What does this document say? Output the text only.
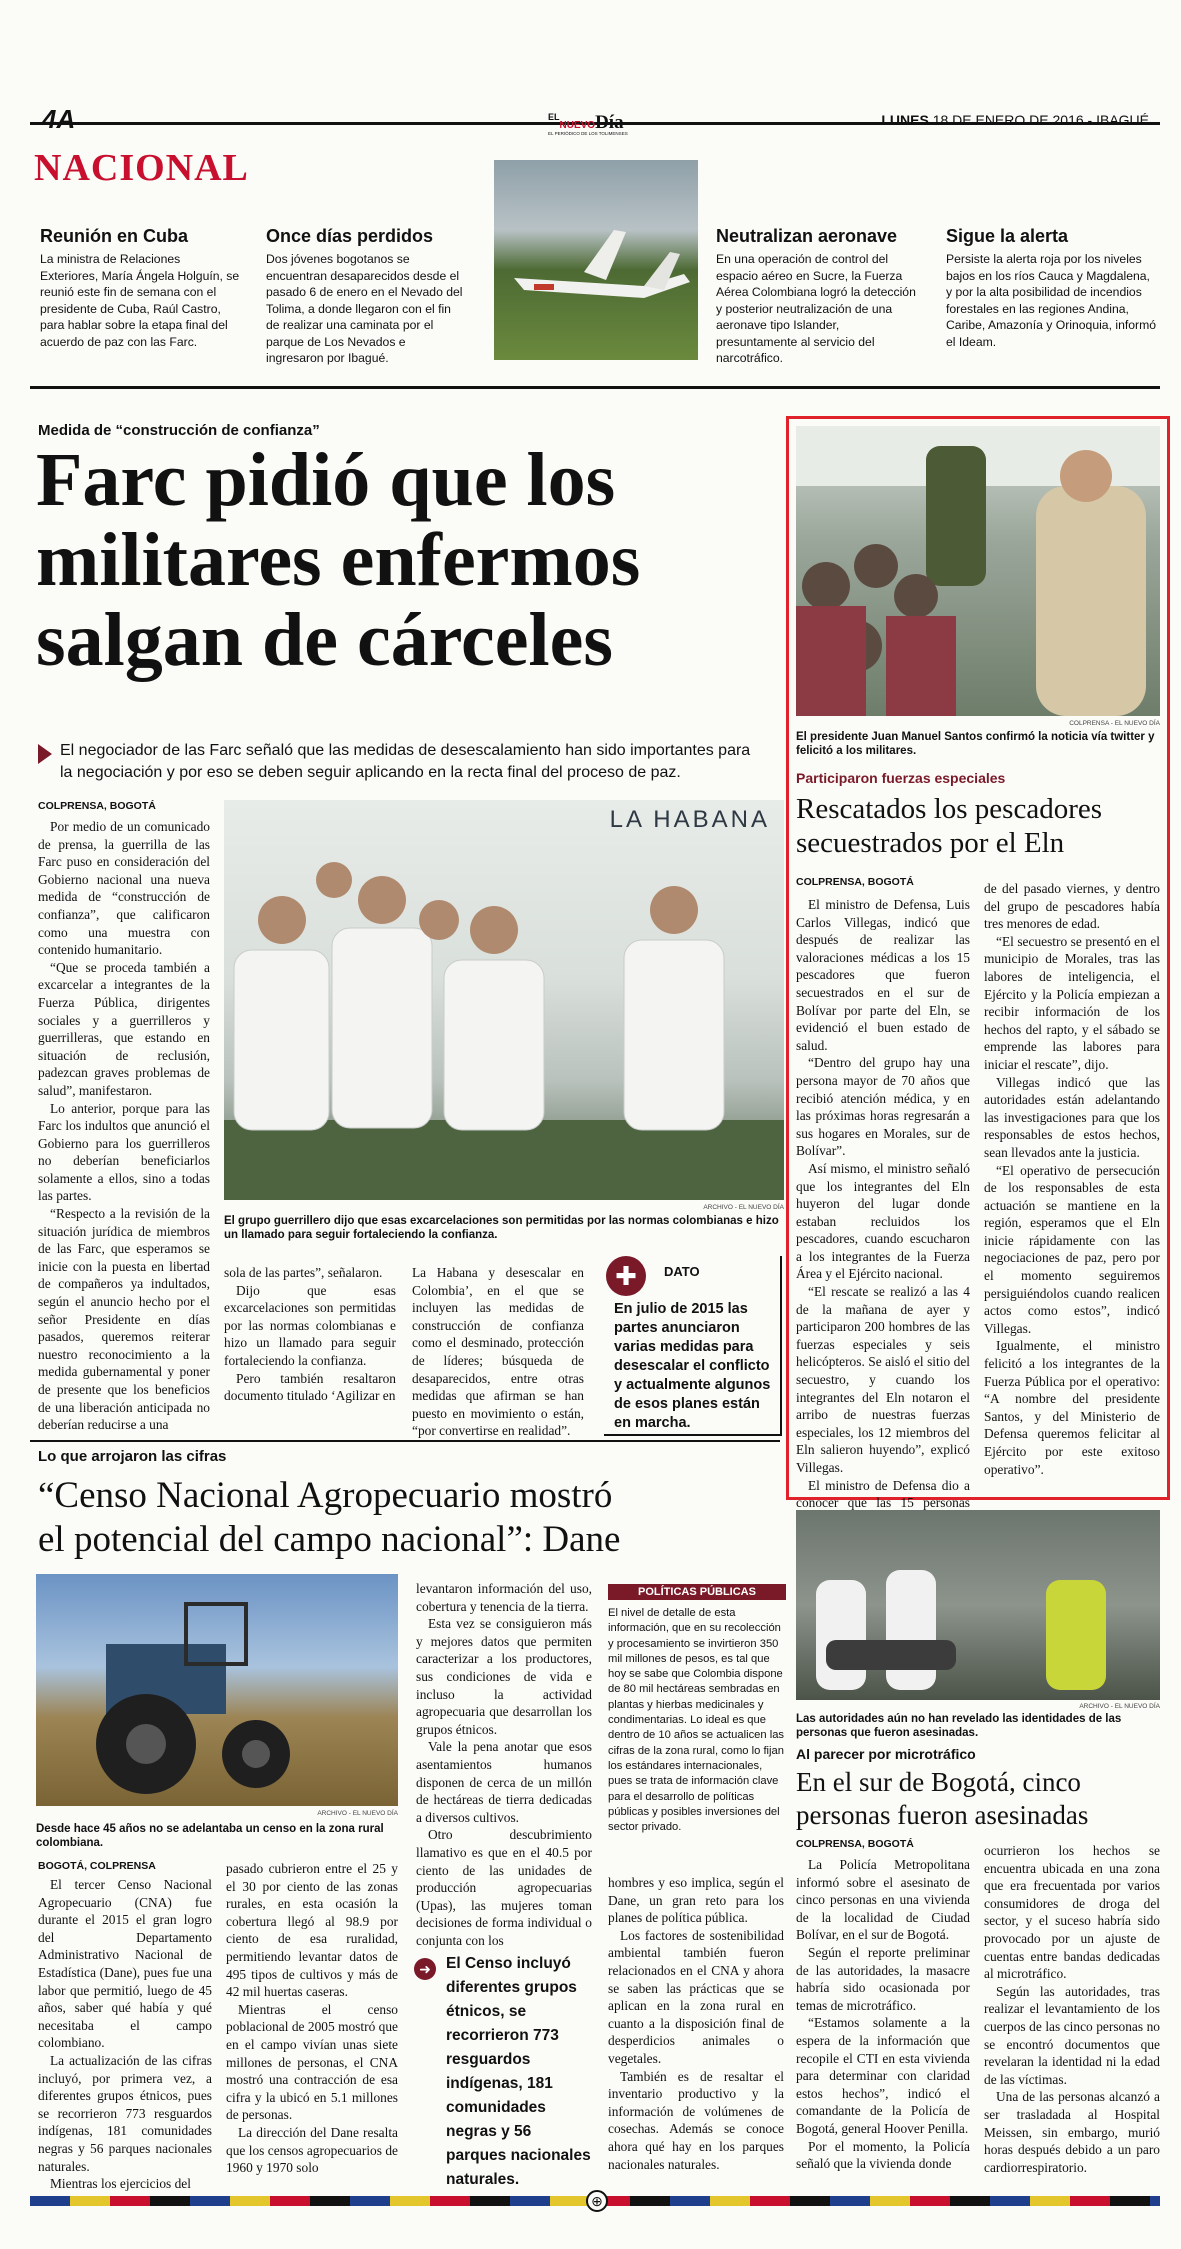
4A	$^{EL}$NUEVODía
EL PERIÓDICO DE LOS TOLIMENSES
LUNES 18 DE ENERO DE 2016 - IBAGUÉ
NACIONAL
Reunión en Cuba

La ministra de Relaciones Exteriores, María Ángela Holguín, se reunió este fin de semana con el presidente de Cuba, Raúl Castro, para hablar sobre la etapa final del acuerdo de paz con las Farc.

Once días perdidos

Dos jóvenes bogotanos se encuentran desaparecidos desde el pasado 6 de enero en el Nevado del Tolima, a donde llegaron con el fin de realizar una caminata por el parque de Los Nevados e ingresaron por Ibagué.

Neutralizan aeronave

En una operación de control del espacio aéreo en Sucre, la Fuerza Aérea Colombiana logró la detección y posterior neutralización de una aeronave tipo Islander, presuntamente al servicio del narcotráfico.

Sigue la alerta

Persiste la alerta roja por los niveles bajos en los ríos Cauca y Magdalena, y por la alta posibilidad de incendios forestales en las regiones Andina, Caribe, Amazonía y Orinoquia, informó el Ideam.

Medida de “construcción de confianza”
Farc pidió que los
militares enfermos
salgan de cárceles
El negociador de las Farc señaló que las medidas de desescalamiento han sido importantes para la negociación y por eso se deben seguir aplicando en la recta final del proceso de paz.
COLPRENSA, BOGOTÁ

Por medio de un comunicado de prensa, la guerrilla de las Farc puso en consideración del Gobierno nacional una nueva medida de “construcción de confianza”, que calificaron como una muestra con contenido humanitario.

“Que se proceda también a excarcelar a integrantes de la Fuerza Pública, dirigentes sociales y a guerrilleros y guerrilleras, que estando en situación de reclusión, padezcan graves problemas de salud”, manifestaron.

Lo anterior, porque para las Farc los indultos que anunció el Gobierno para los guerrilleros no deberían beneficiarlos solamente a ellos, sino a todas las partes.

“Respecto a la revisión de la situación jurídica de miembros de las Farc, que esperamos se inicie con la puesta en libertad de compañeros ya indultados, según el anuncio hecho por el señor Presidente en días pasados, queremos reiterar nuestro reconocimiento a la medida gubernamental y poner de presente que los beneficios de una liberación anticipada no deberían reducirse a una

LA HABANA
ARCHIVO - EL NUEVO DÍA
El grupo guerrillero dijo que esas excarcelaciones son permitidas por las normas colombianas e hizo un llamado para seguir fortaleciendo la confianza.

sola de las partes”, señalaron.

Dijo que esas excarcelaciones son permitidas por las normas colombianas e hizo un llamado para seguir fortaleciendo la confianza.

Pero también resaltaron documento titulado ‘Agilizar en

La Habana y desescalar en Colombia’, en el que se incluyen las medidas de construcción de confianza como el desminado, protección de líderes; búsqueda de desaparecidos, entre otras medidas que afirman se han puesto en movimiento o están, “por convertirse en realidad”.

✚	DATO
En julio de 2015 las partes anunciaron varias medidas para desescalar el conflicto y actualmente algunos de esos planes están en marcha.
COLPRENSA - EL NUEVO DÍA
El presidente Juan Manuel Santos confirmó la noticia vía twitter y felicitó a los militares.
Participaron fuerzas especiales
Rescatados los pescadores secuestrados por el Eln
COLPRENSA, BOGOTÁ

El ministro de Defensa, Luis Carlos Villegas, indicó que después de realizar las valoraciones médicas a los 15 pescadores que fueron secuestrados en el sur de Bolívar por parte del Eln, se evidenció el buen estado de salud.

“Dentro del grupo hay una persona mayor de 70 años que recibió atención médica, y en las próximas horas regresarán a sus hogares en Morales, sur de Bolívar”.

Así mismo, el ministro señaló que los integrantes del Eln huyeron del lugar donde estaban recluidos los pescadores, cuando escucharon a los integrantes de la Fuerza Área y el Ejército nacional.

“El rescate se realizó a las 4 de la mañana de ayer y participaron 200 hombres de las fuerzas especiales y seis helicópteros. Se aisló el sitio del secuestro, y cuando los integrantes del Eln notaron el arribo de nuestras fuerzas especiales, los 12 miembros del Eln salieron huyendo”, explicó Villegas.

El ministro de Defensa dio a conocer que las 15 personas

de del pasado viernes, y dentro del grupo de pescadores había tres menores de edad.

“El secuestro se presentó en el municipio de Morales, tras las labores de inteligencia, el Ejército y la Policía empiezan a recibir información de los hechos del rapto, y el sábado se emprende las labores para iniciar el rescate”, dijo.

Villegas indicó que las autoridades están adelantando las investigaciones para que los responsables de estos hechos, sean llevados ante la justicia.

“El operativo de persecución de los responsables de esta actuación se mantiene en la región, esperamos que el Eln inicie rápidamente con las negociaciones de paz, pero por el momento seguiremos persiguiéndolos cuando realicen actos como estos”, indicó Villegas.

Igualmente, el ministro felicitó a los integrantes de la Fuerza Pública por el operativo: “A nombre del presidente Santos, y del Ministerio de Defensa queremos felicitar al Ejército por este exitoso operativo”.

Lo que arrojaron las cifras
“Censo Nacional Agropecuario mostró
el potencial del campo nacional”: Dane
ARCHIVO - EL NUEVO DÍA
Desde hace 45 años no se adelantaba un censo en la zona rural colombiana.
BOGOTÁ, COLPRENSA

El tercer Censo Nacional Agropecuario (CNA) fue durante el 2015 el gran logro del Departamento Administrativo Nacional de Estadística (Dane), pues fue una labor que permitió, luego de 45 años, saber qué había y qué necesitaba el campo colombiano.

La actualización de las cifras incluyó, por primera vez, a diferentes grupos étnicos, pues se recorrieron 773 resguardos indígenas, 181 comunidades negras y 56 parques nacionales naturales.

Mientras los ejercicios del

pasado cubrieron entre el 25 y el 30 por ciento de las zonas rurales, en esta ocasión la cobertura llegó al 98.9 por ciento de esa ruralidad, permitiendo levantar datos de 495 tipos de cultivos y más de 42 mil huertas caseras.

Mientras el censo poblacional de 2005 mostró que en el campo vivían unas siete millones de personas, el CNA mostró una contracción de esa cifra y la ubicó en 5.1 millones de personas.

La dirección del Dane resalta que los censos agropecuarios de 1960 y 1970 solo

levantaron información del uso, cobertura y tenencia de la tierra.

Esta vez se consiguieron más y mejores datos que permiten caracterizar a los productores, sus condiciones de vida e incluso la actividad agropecuaria que desarrollan los grupos étnicos.

Vale la pena anotar que esos asentamientos humanos disponen de cerca de un millón de hectáreas de tierra dedicadas a diversos cultivos.

Otro descubrimiento llamativo es que en el 40.5 por ciento de las unidades de producción agropecuarias (Upas), las mujeres toman decisiones de forma individual o conjunta con los

➜ El Censo incluyó diferentes grupos étnicos, se recorrieron 773 resguardos indígenas, 181 comunidades negras y 56 parques nacionales naturales.
POLÍTICAS PÚBLICAS
El nivel de detalle de esta información, que en su recolección y procesamiento se invirtieron 350 mil millones de pesos, es tal que hoy se sabe que Colombia dispone de 80 mil hectáreas sembradas en plantas y hierbas medicinales y condimentarias. Lo ideal es que dentro de 10 años se actualicen las cifras de la zona rural, como lo fijan los estándares internacionales, pues se trata de información clave para el desarrollo de políticas públicas y posibles inversiones del sector privado.

hombres y eso implica, según el Dane, un gran reto para los planes de política pública.

Los factores de sostenibilidad ambiental también fueron relacionados en el CNA y ahora se saben las prácticas que se aplican en la zona rural en cuanto a la disposición final de desperdicios animales o vegetales.

También es de resaltar el inventario productivo y la información de volúmenes de cosechas. Además se conoce ahora qué hay en los parques nacionales naturales.

ARCHIVO - EL NUEVO DÍA
Las autoridades aún no han revelado las identidades de las personas que fueron asesinadas.
Al parecer por microtráfico
En el sur de Bogotá, cinco personas fueron asesinadas
COLPRENSA, BOGOTÁ

La Policía Metropolitana informó sobre el asesinato de cinco personas en una vivienda de la localidad de Ciudad Bolívar, en el sur de Bogotá.

Según el reporte preliminar de las autoridades, la masacre habría sido ocasionada por temas de microtráfico.

“Estamos solamente a la espera de la información que recopile el CTI en esta vivienda para determinar con claridad estos hechos”, indicó el comandante de la Policía de Bogotá, general Hoover Penilla.

Por el momento, la Policía señaló que la vivienda donde

ocurrieron los hechos se encuentra ubicada en una zona que era frecuentada por varios consumidores de droga del sector, y el suceso habría sido provocado por un ajuste de cuentas entre bandas dedicadas al microtráfico.

Según las autoridades, tras realizar el levantamiento de los cuerpos de las cinco personas no se encontró documentos que revelaran la identidad ni la edad de las víctimas.

Una de las personas alcanzó a ser trasladada al Hospital Meissen, sin embargo, murió horas después debido a un paro cardiorrespiratorio.

⊕
